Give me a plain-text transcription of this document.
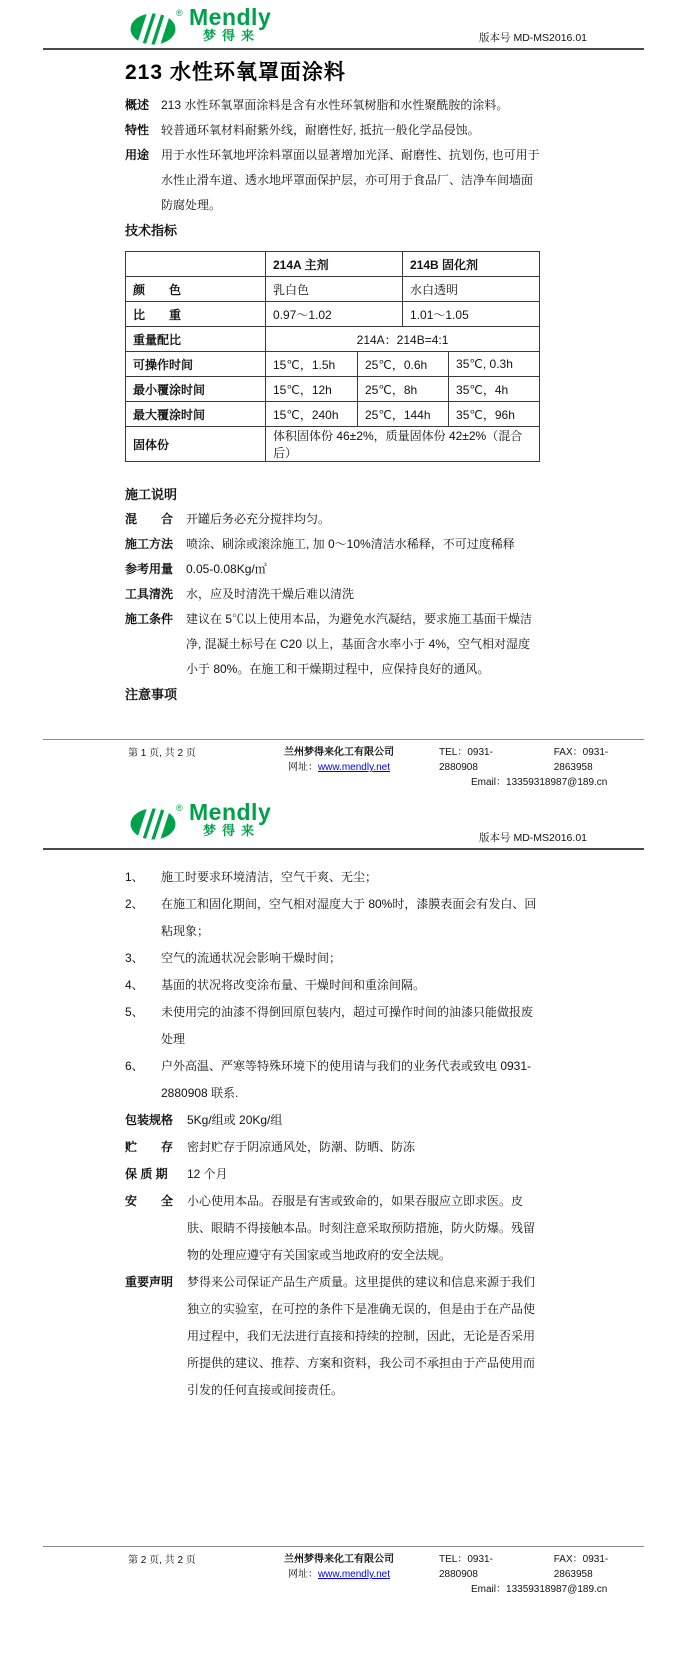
® Mendly
梦得来	版本号 MD-MS2016.01
213 水性环氧罩面涂料
概述 213 水性环氧罩面涂料是含有水性环氧树脂和水性聚酰胺的涂料。
特性 较普通环氧材料耐紫外线，耐磨性好, 抵抗一般化学品侵蚀。
用途 用于水性环氧地坪涂料罩面以显著增加光泽、耐磨性、抗划伤, 也可用于水性止滑车道、透水地坪罩面保护层，亦可用于食品厂、洁净车间墙面防腐处理。
技术指标
	214A 主剂		214B 固化剂	
颜　　色	乳白色		水白透明	
比　　重	0.97～1.02		1.01～1.05	
重量配比	214A：214B=4:1			
可操作时间	15℃，1.5h	25℃，0.6h		35℃, 0.3h
最小覆涂时间	15℃，12h	25℃，8h		35℃，4h
最大覆涂时间	15℃，240h	25℃，144h		35℃，96h
固体份	体积固体份 46±2%，质量固体份 42±2%（混合后）			
施工说明
混　　合	开罐后务必充分搅拌均匀。
施工方法	喷涂、刷涂或滚涂施工, 加 0～10%清洁水稀释，不可过度稀释
参考用量	0.05-0.08Kg/㎡
工具清洗	水，应及时清洗干燥后难以清洗
施工条件	建议在 5℃以上使用本品，为避免水汽凝结，要求施工基面干燥洁净, 混凝土标号在 C20 以上，基面含水率小于 4%，空气相对湿度小于 80%。在施工和干燥期过程中，应保持良好的通风。
注意事项
第 1 页, 共 2 页	兰州梦得来化工有限公司
网址：www.mendly.net
TEL：0931-2880908
FAX：0931-2863958
Email：13359318987@189.cn
® Mendly
梦得来	版本号 MD-MS2016.01
1、	施工时要求环境清洁，空气干爽、无尘；
2、	在施工和固化期间，空气相对湿度大于 80%时，漆膜表面会有发白、回粘现象；
3、	空气的流通状况会影响干燥时间；
4、	基面的状况将改变涂布量、干燥时间和重涂间隔。
5、	未使用完的油漆不得倒回原包装内，超过可操作时间的油漆只能做报废处理
6、	户外高温、严寒等特殊环境下的使用请与我们的业务代表或致电 0931-2880908 联系.
包装规格	5Kg/组或 20Kg/组
贮　　存	密封贮存于阴凉通风处，防潮、防晒、防冻
保 质 期	12 个月
安　　全	小心使用本品。吞服是有害或致命的，如果吞服应立即求医。皮肤、眼睛不得接触本品。时刻注意采取预防措施，防火防爆。残留物的处理应遵守有关国家或当地政府的安全法规。
重要声明	梦得来公司保证产品生产质量。这里提供的建议和信息来源于我们独立的实验室，在可控的条件下是准确无误的，但是由于在产品使用过程中，我们无法进行直接和持续的控制，因此，无论是否采用所提供的建议、推荐、方案和资料，我公司不承担由于产品使用而引发的任何直接或间接责任。
第 2 页, 共 2 页	兰州梦得来化工有限公司
网址：www.mendly.net
TEL：0931-2880908
FAX：0931-2863958
Email：13359318987@189.cn
